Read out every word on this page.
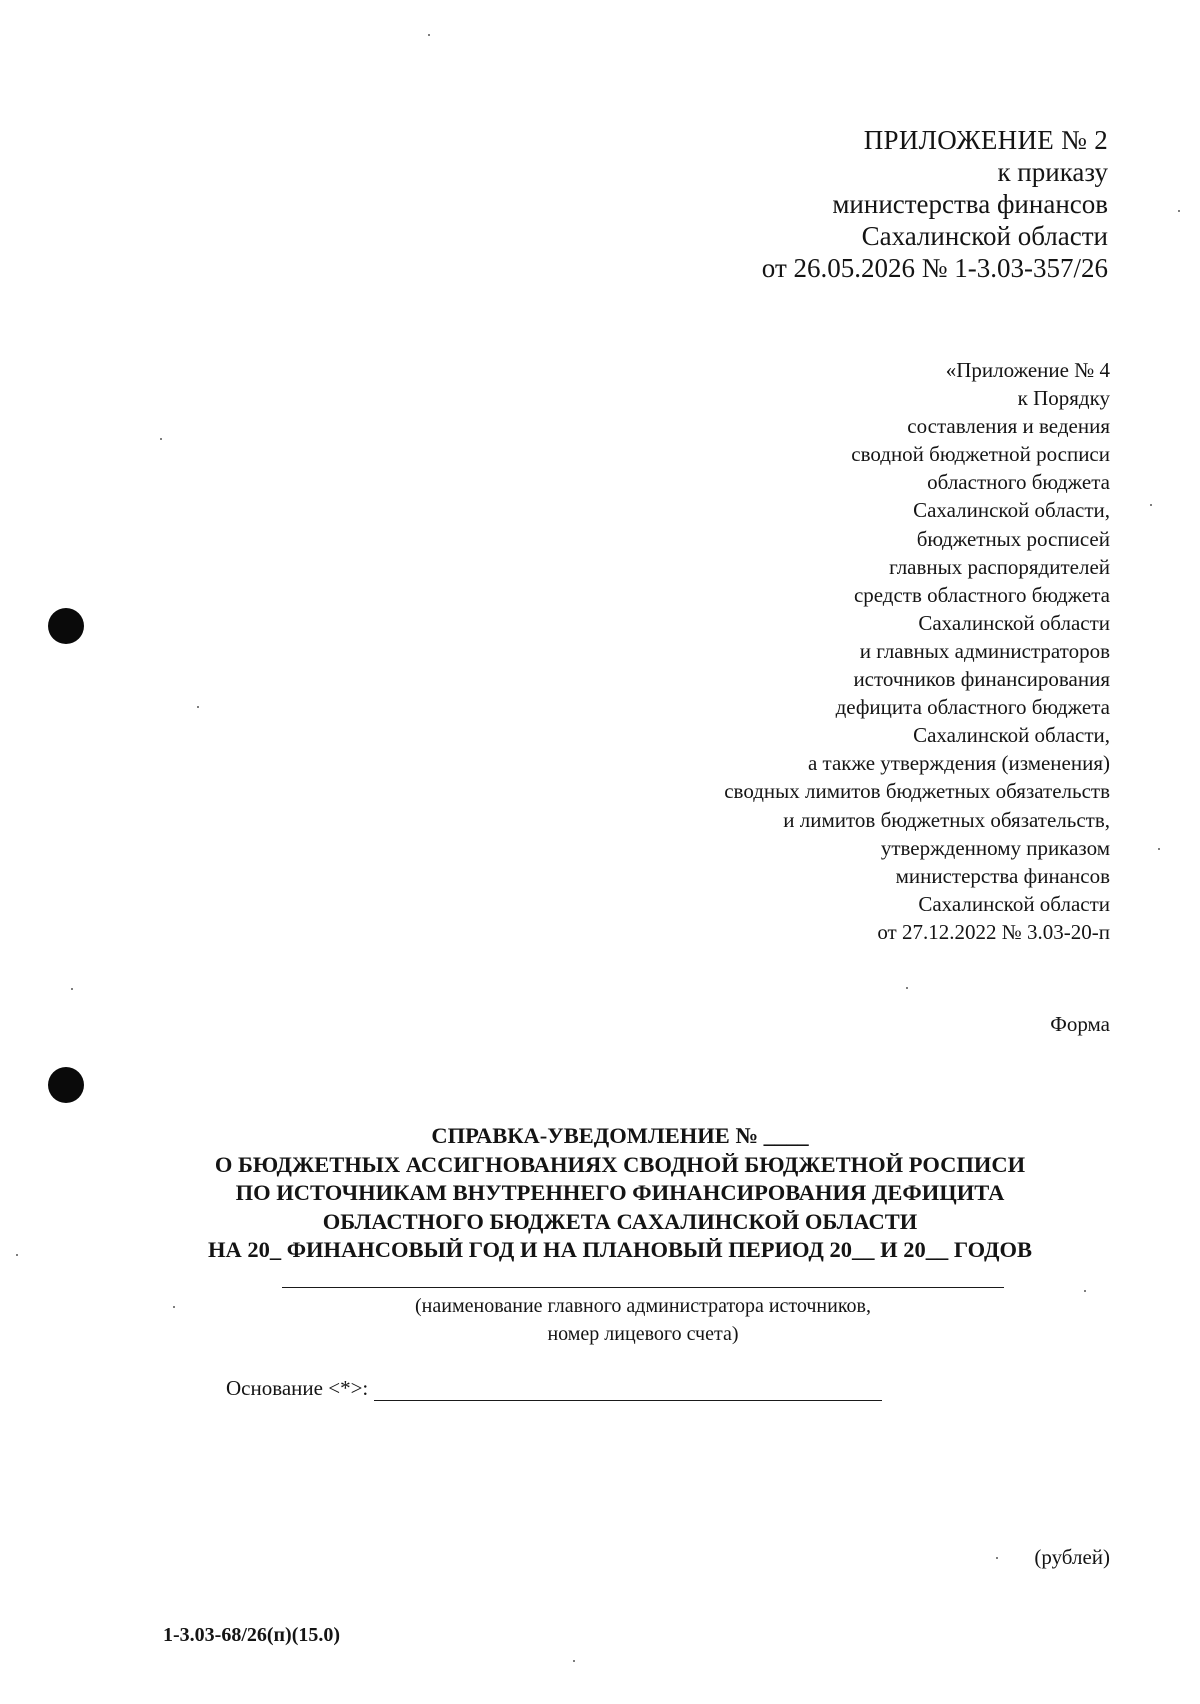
ПРИЛОЖЕНИЕ № 2
к приказу
министерства финансов
Сахалинской области
от 26.05.2026 № 1-3.03-357/26
«Приложение № 4
к Порядку
составления и ведения
сводной бюджетной росписи
областного бюджета
Сахалинской области,
бюджетных росписей
главных распорядителей
средств областного бюджета
Сахалинской области
и главных администраторов
источников финансирования
дефицита областного бюджета
Сахалинской области,
а также утверждения (изменения)
сводных лимитов бюджетных обязательств
и лимитов бюджетных обязательств,
утвержденному приказом
министерства финансов
Сахалинской области
от 27.12.2022 № 3.03-20-п
Форма
СПРАВКА-УВЕДОМЛЕНИЕ № ____
О БЮДЖЕТНЫХ АССИГНОВАНИЯХ СВОДНОЙ БЮДЖЕТНОЙ РОСПИСИ
ПО ИСТОЧНИКАМ ВНУТРЕННЕГО ФИНАНСИРОВАНИЯ ДЕФИЦИТА
ОБЛАСТНОГО БЮДЖЕТА САХАЛИНСКОЙ ОБЛАСТИ
НА 20_ ФИНАНСОВЫЙ ГОД И НА ПЛАНОВЫЙ ПЕРИОД 20__ И 20__ ГОДОВ
(наименование главного администратора источников,
номер лицевого счета)
Основание <*>:
(рублей)
1-3.03-68/26(п)(15.0)
